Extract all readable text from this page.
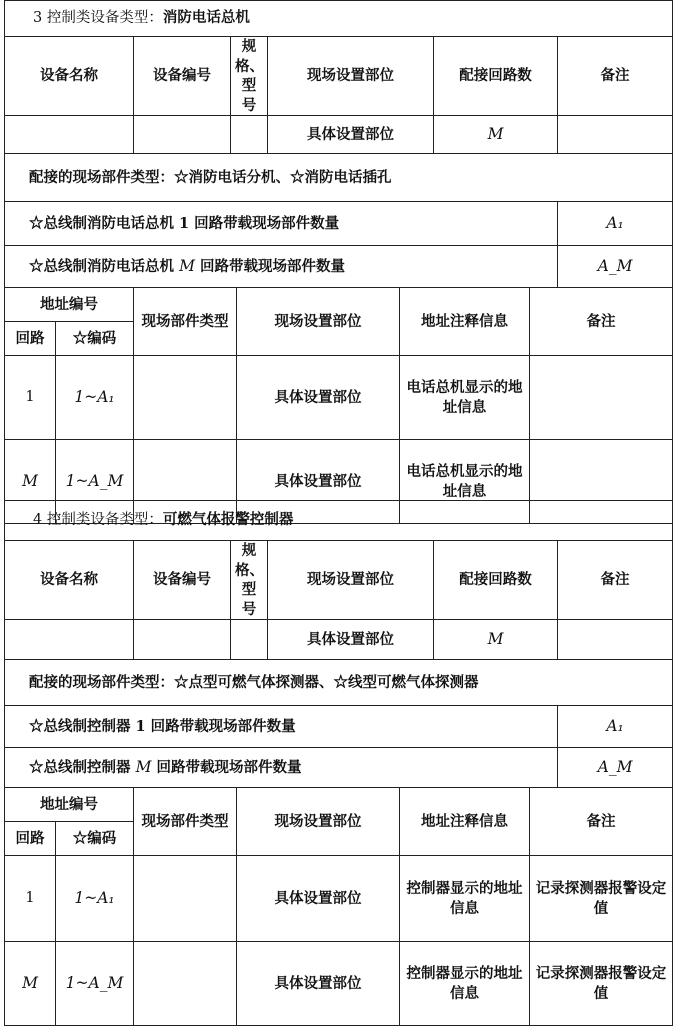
3 控制类设备类型：消防电话总机									
设备名称		设备编号	规格、型号		现场设置部位		配接回路数		备注
					具体设置部位		M		
配接的现场部件类型：☆消防电话分机、☆消防电话插孔									
☆总线制消防电话总机 1 回路带载现场部件数量									A₁
☆总线制消防电话总机 M 回路带载现场部件数量									A_M
地址编号		现场部件类型		现场设置部位		地址注释信息		备注	
回路	☆编码								
1	1~A₁			具体设置部位		电话总机显示的地址信息			
M	1~A_M			具体设置部位		电话总机显示的地址信息			
4 控制类设备类型：可燃气体报警控制器									
设备名称		设备编号	规格、型号		现场设置部位		配接回路数		备注
					具体设置部位		M		
配接的现场部件类型：☆点型可燃气体探测器、☆线型可燃气体探测器									
☆总线制控制器 1 回路带载现场部件数量									A₁
☆总线制控制器 M 回路带载现场部件数量									A_M
地址编号		现场部件类型		现场设置部位		地址注释信息		备注	
回路	☆编码								
1	1~A₁			具体设置部位		控制器显示的地址信息		记录探测器报警设定值	
M	1~A_M			具体设置部位		控制器显示的地址信息		记录探测器报警设定值	
